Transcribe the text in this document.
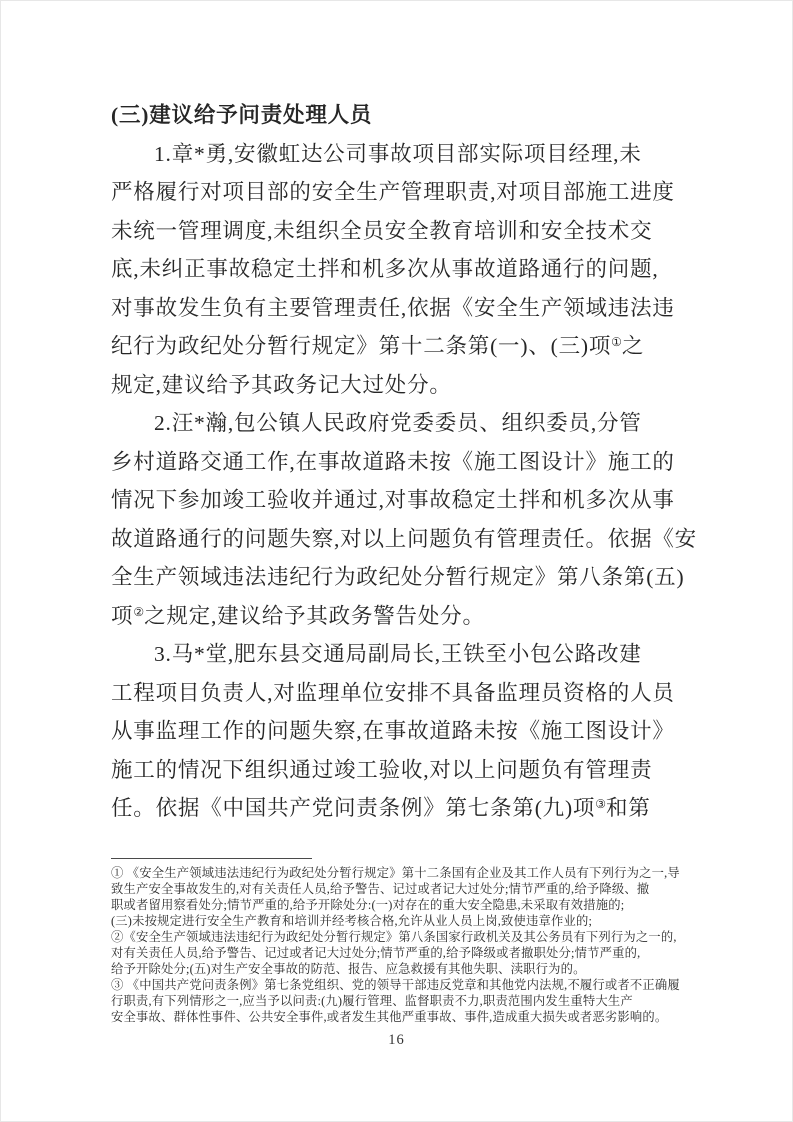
(三)建议给予问责处理人员
1.章*勇,安徽虹达公司事故项目部实际项目经理,未
严格履行对项目部的安全生产管理职责,对项目部施工进度
未统一管理调度,未组织全员安全教育培训和安全技术交
底,未纠正事故稳定土拌和机多次从事故道路通行的问题,
对事故发生负有主要管理责任,依据《安全生产领域违法违
纪行为政纪处分暂行规定》第十二条第(一)、(三)项①之
规定,建议给予其政务记大过处分。
2.汪*瀚,包公镇人民政府党委委员、组织委员,分管
乡村道路交通工作,在事故道路未按《施工图设计》施工的
情况下参加竣工验收并通过,对事故稳定土拌和机多次从事
故道路通行的问题失察,对以上问题负有管理责任。依据《安
全生产领域违法违纪行为政纪处分暂行规定》第八条第(五)
项②之规定,建议给予其政务警告处分。
3.马*堂,肥东县交通局副局长,王铁至小包公路改建
工程项目负责人,对监理单位安排不具备监理员资格的人员
从事监理工作的问题失察,在事故道路未按《施工图设计》
施工的情况下组织通过竣工验收,对以上问题负有管理责
任。依据《中国共产党问责条例》第七条第(九)项③和第
① 《安全生产领域违法违纪行为政纪处分暂行规定》第十二条国有企业及其工作人员有下列行为之一,导
致生产安全事故发生的,对有关责任人员,给予警告、记过或者记大过处分;情节严重的,给予降级、撤
职或者留用察看处分;情节严重的,给予开除处分:(一)对存在的重大安全隐患,未采取有效措施的;
(三)未按规定进行安全生产教育和培训并经考核合格,允许从业人员上岗,致使违章作业的;
②《安全生产领域违法违纪行为政纪处分暂行规定》第八条国家行政机关及其公务员有下列行为之一的,
对有关责任人员,给予警告、记过或者记大过处分;情节严重的,给予降级或者撤职处分;情节严重的,
给予开除处分;(五)对生产安全事故的防范、报告、应急救援有其他失职、渎职行为的。
③ 《中国共产党问责条例》第七条党组织、党的领导干部违反党章和其他党内法规,不履行或者不正确履
行职责,有下列情形之一,应当予以问责:(九)履行管理、监督职责不力,职责范围内发生重特大生产
安全事故、群体性事件、公共安全事件,或者发生其他严重事故、事件,造成重大损失或者恶劣影响的。
16
